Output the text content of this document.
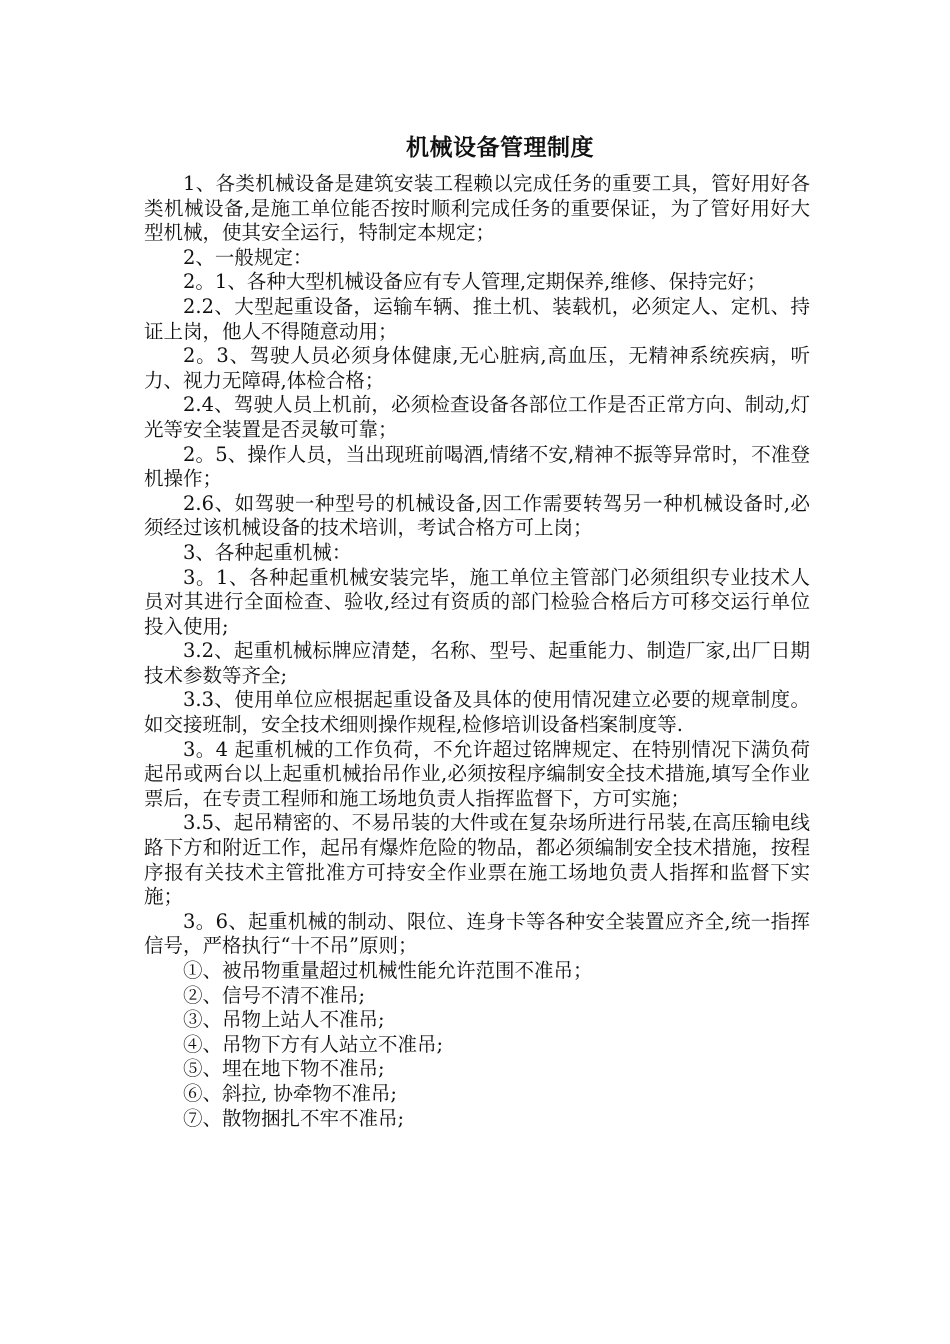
机械设备管理制度

1、各类机械设备是建筑安装工程赖以完成任务的重要工具，管好用好各类机械设备,是施工单位能否按时顺利完成任务的重要保证，为了管好用好大型机械，使其安全运行，特制定本规定；

2、一般规定：

2。1、各种大型机械设备应有专人管理,定期保养,维修、保持完好；

2.2、大型起重设备，运输车辆、推土机、装载机，必须定人、定机、持证上岗，他人不得随意动用；

2。3、驾驶人员必须身体健康,无心脏病,高血压，无精神系统疾病，听力、视力无障碍,体检合格；

2.4、驾驶人员上机前，必须检查设备各部位工作是否正常方向、制动,灯光等安全装置是否灵敏可靠；

2。5、操作人员，当出现班前喝酒,情绪不安,精神不振等异常时，不准登机操作；

2.6、如驾驶一种型号的机械设备,因工作需要转驾另一种机械设备时,必须经过该机械设备的技术培训，考试合格方可上岗；

3、各种起重机械：

3。1、各种起重机械安装完毕，施工单位主管部门必须组织专业技术人员对其进行全面检查、验收,经过有资质的部门检验合格后方可移交运行单位投入使用;

3.2、起重机械标牌应清楚，名称、型号、起重能力、制造厂家,出厂日期技术参数等齐全;

3.3、使用单位应根据起重设备及具体的使用情况建立必要的规章制度。如交接班制，安全技术细则操作规程,检修培训设备档案制度等.

3。4 起重机械的工作负荷，不允许超过铭牌规定、在特别情况下满负荷起吊或两台以上起重机械抬吊作业,必须按程序编制安全技术措施,填写全作业票后，在专责工程师和施工场地负责人指挥监督下，方可实施；

3.5、起吊精密的、不易吊装的大件或在复杂场所进行吊装,在高压输电线路下方和附近工作，起吊有爆炸危险的物品，都必须编制安全技术措施，按程序报有关技术主管批准方可持安全作业票在施工场地负责人指挥和监督下实施；

3。6、起重机械的制动、限位、连身卡等各种安全装置应齐全,统一指挥信号，严格执行“十不吊”原则；

①、被吊物重量超过机械性能允许范围不准吊；

②、信号不清不准吊;

③、吊物上站人不准吊;

④、吊物下方有人站立不准吊;

⑤、埋在地下物不准吊;

⑥、斜拉, 协牵物不准吊;

⑦、散物捆扎不牢不准吊;
